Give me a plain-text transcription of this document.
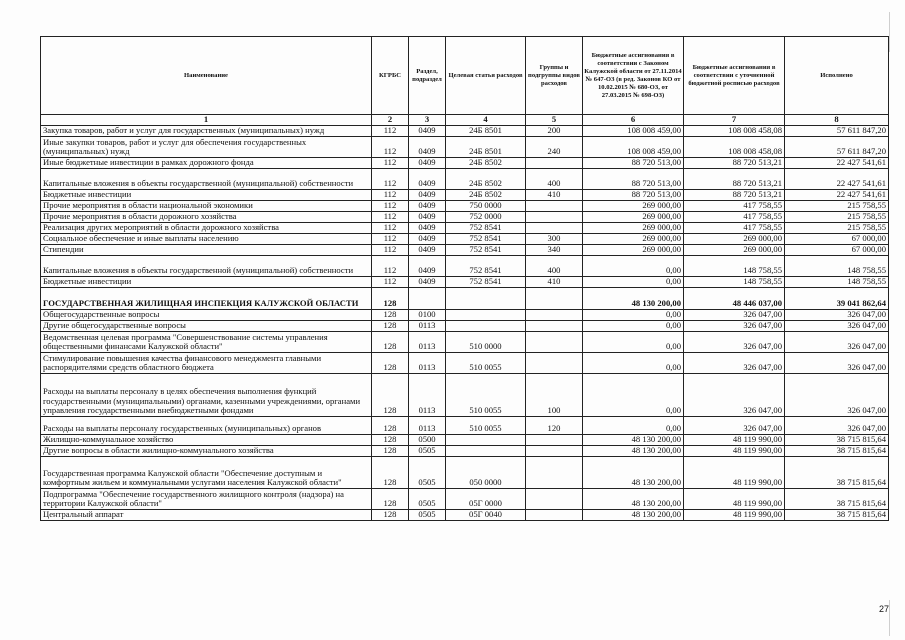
Наименование	КГРБС	Раздел, подраздел	Целевая статья расходов	Группы и подгруппы видов расходов	Бюджетные ассигнования в соответствии с Законом Калужской области от 27.11.2014 № 647-ОЗ (в ред. Законов КО от 10.02.2015 № 680-ОЗ, от 27.03.2015 № 698-ОЗ)	Бюджетные ассигнования в соответствии с уточненной бюджетной росписью расходов	Исполнено
1	2	3	4	5	6	7	8
Закупка товаров, работ и услуг для государственных (муниципальных) нужд	112	0409	24Б 8501	200	108 008 459,00	108 008 458,08	57 611 847,20
Иные закупки товаров, работ и услуг для обеспечения государственных (муниципальных) нужд	112	0409	24Б 8501	240	108 008 459,00	108 008 458,08	57 611 847,20
Иные бюджетные инвестиции в рамках дорожного фонда	112	0409	24Б 8502		88 720 513,00	88 720 513,21	22 427 541,61
Капитальные вложения в объекты государственной (муниципальной) собственности	112	0409	24Б 8502	400	88 720 513,00	88 720 513,21	22 427 541,61
Бюджетные инвестиции	112	0409	24Б 8502	410	88 720 513,00	88 720 513,21	22 427 541,61
Прочие мероприятия в области национальной экономики	112	0409	750 0000		269 000,00	417 758,55	215 758,55
Прочие мероприятия в области дорожного хозяйства	112	0409	752 0000		269 000,00	417 758,55	215 758,55
Реализация других мероприятий в области дорожного хозяйства	112	0409	752 8541		269 000,00	417 758,55	215 758,55
Социальное обеспечение и иные выплаты населению	112	0409	752 8541	300	269 000,00	269 000,00	67 000,00
Стипендии	112	0409	752 8541	340	269 000,00	269 000,00	67 000,00
Капитальные вложения в объекты государственной (муниципальной) собственности	112	0409	752 8541	400	0,00	148 758,55	148 758,55
Бюджетные инвестиции	112	0409	752 8541	410	0,00	148 758,55	148 758,55
ГОСУДАРСТВЕННАЯ ЖИЛИЩНАЯ ИНСПЕКЦИЯ КАЛУЖСКОЙ ОБЛАСТИ	128				48 130 200,00	48 446 037,00	39 041 862,64
Общегосударственные вопросы	128	0100			0,00	326 047,00	326 047,00
Другие общегосударственные вопросы	128	0113			0,00	326 047,00	326 047,00
Ведомственная целевая программа "Совершенствование системы управления общественными финансами Калужской области"	128	0113	510 0000		0,00	326 047,00	326 047,00
Стимулирование повышения качества финансового менеджмента главными распорядителями средств областного бюджета	128	0113	510 0055		0,00	326 047,00	326 047,00
Расходы на выплаты персоналу в целях обеспечения выполнения функций государственными (муниципальными) органами, казенными учреждениями, органами управления государственными внебюджетными фондами	128	0113	510 0055	100	0,00	326 047,00	326 047,00
Расходы на выплаты персоналу государственных (муниципальных) органов	128	0113	510 0055	120	0,00	326 047,00	326 047,00
Жилищно-коммунальное хозяйство	128	0500			48 130 200,00	48 119 990,00	38 715 815,64
Другие вопросы в области жилищно-коммунального хозяйства	128	0505			48 130 200,00	48 119 990,00	38 715 815,64
Государственная программа Калужской области "Обеспечение доступным и комфортным жильем и коммунальными услугами населения Калужской области"	128	0505	050 0000		48 130 200,00	48 119 990,00	38 715 815,64
Подпрограмма "Обеспечение государственного жилищного контроля (надзора) на территории Калужской области"	128	0505	05Г 0000		48 130 200,00	48 119 990,00	38 715 815,64
Центральный аппарат	128	0505	05Г 0040		48 130 200,00	48 119 990,00	38 715 815,64
27
